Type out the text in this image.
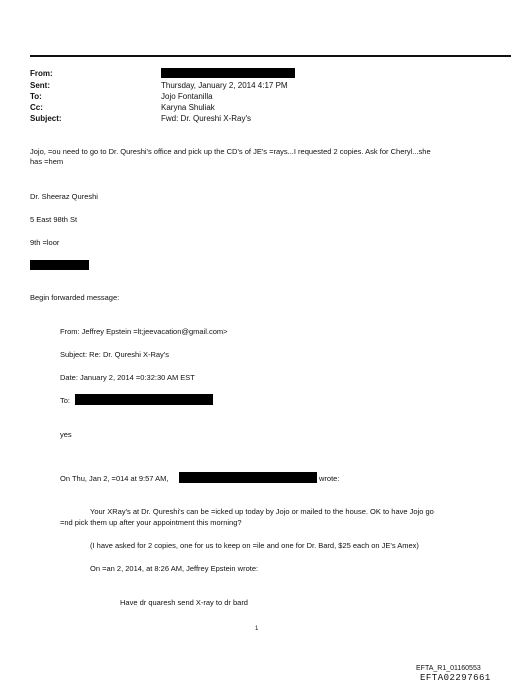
From:
Sent:
To:
Cc:
Subject:
Thursday, January 2, 2014 4:17 PM
Jojo Fontanilla
Karyna Shuliak
Fwd: Dr. Qureshi X-Ray's
Jojo, =ou need to go to Dr. Qureshi's office and pick up the CD's of JE's =rays...I requested 2 copies. Ask for Cheryl...she
has =hem
Dr. Sheeraz Qureshi
5 East 98th St
9th =loor
Begin forwarded message:
From: Jeffrey Epstein =lt;jeevacation@gmail.com>
Subject: Re: Dr. Qureshi X-Ray's
Date: January 2, 2014 =0:32:30 AM EST
To:
yes
On Thu, Jan 2, =014 at 9:57 AM,	wrote:
Your XRay's at Dr. Qureshi's can be =icked up today by Jojo or mailed to the house. OK to have Jojo go
=nd pick them up after your appointment this morning?
(I have asked for 2 copies, one for us to keep on =ile and one for Dr. Bard, $25 each on JE's Amex)
On =an 2, 2014, at 8:26 AM, Jeffrey Epstein wrote:
Have dr quaresh send X-ray to dr bard
1
EFTA_R1_01160553
EFTA02297661
